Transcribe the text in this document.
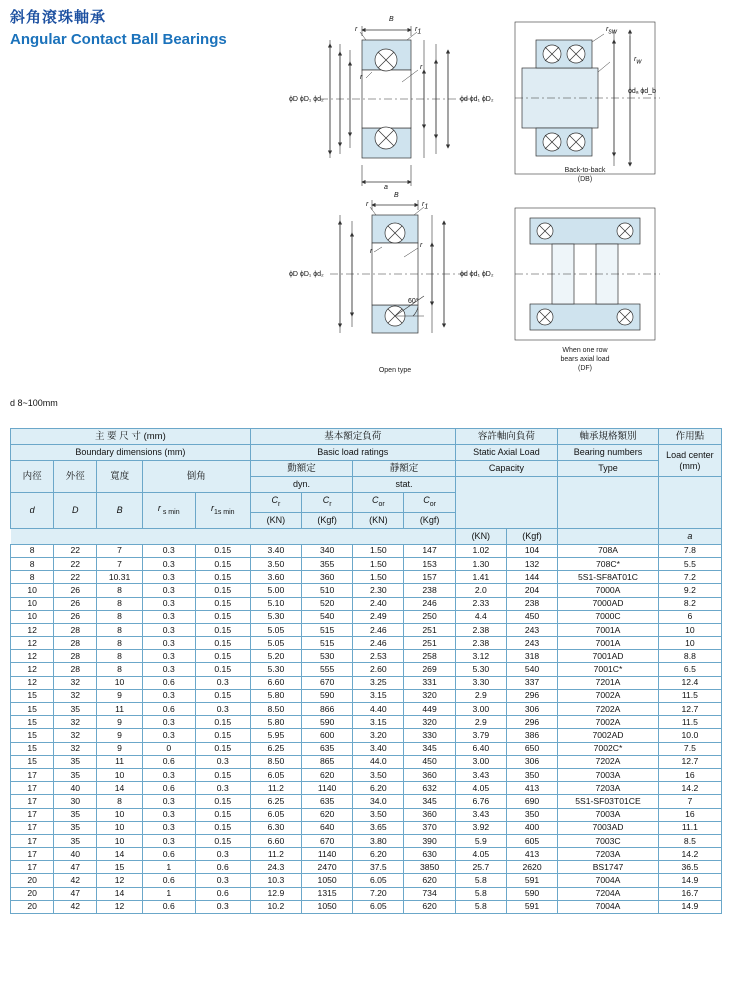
斜角滾珠軸承
Angular Contact Ball Bearings
B
r	r1
r
r
a
ϕD ϕD₁ ϕd₂	ϕd ϕd₁ ϕD₂
rsw
rw
ϕdₐ ϕd_b
B
r	r1
r
r
ϕD ϕD₁ ϕd₂	ϕd ϕd₁ ϕD₂
60°
Back-to-back
(DB)
Open type
When one row
bears axial load
(DF)
d 8~100mm
主 要 尺 寸 (mm)					基本額定負荷				容許軸向負荷		軸承規格類別	作用點
Boundary dimensions (mm)					Basic load ratings				Static Axial Load		Bearing numbers	Load center (mm)
内徑	外徑	寬度	倒角		動額定		靜額定		Capacity		Type	
					dyn.		stat.					
d	D	B	r $_{s min}$	$r_{1s min}$	$C_r$	$C_r$	$C_{or}$	$C_{or}$
					(KN)	(Kgf)	(KN)	(Kgf)				
									(KN)	(Kgf)		a
8	22	7	0.3	0.15	3.40	340	1.50	147	1.02	104	708A	7.8
8	22	7	0.3	0.15	3.50	355	1.50	153	1.30	132	708C*	5.5
8	22	10.31	0.3	0.15	3.60	360	1.50	157	1.41	144	5S1-SF8AT01C	7.2
10	26	8	0.3	0.15	5.00	510	2.30	238	2.0	204	7000A	9.2
10	26	8	0.3	0.15	5.10	520	2.40	246	2.33	238	7000AD	8.2
10	26	8	0.3	0.15	5.30	540	2.49	250	4.4	450	7000C	6
12	28	8	0.3	0.15	5.05	515	2.46	251	2.38	243	7001A	10
12	28	8	0.3	0.15	5.05	515	2.46	251	2.38	243	7001A	10
12	28	8	0.3	0.15	5.20	530	2.53	258	3.12	318	7001AD	8.8
12	28	8	0.3	0.15	5.30	555	2.60	269	5.30	540	7001C*	6.5
12	32	10	0.6	0.3	6.60	670	3.25	331	3.30	337	7201A	12.4
15	32	9	0.3	0.15	5.80	590	3.15	320	2.9	296	7002A	11.5
15	35	11	0.6	0.3	8.50	866	4.40	449	3.00	306	7202A	12.7
15	32	9	0.3	0.15	5.80	590	3.15	320	2.9	296	7002A	11.5
15	32	9	0.3	0.15	5.95	600	3.20	330	3.79	386	7002AD	10.0
15	32	9	0	0.15	6.25	635	3.40	345	6.40	650	7002C*	7.5
15	35	11	0.6	0.3	8.50	865	44.0	450	3.00	306	7202A	12.7
17	35	10	0.3	0.15	6.05	620	3.50	360	3.43	350	7003A	16
17	40	14	0.6	0.3	11.2	1140	6.20	632	4.05	413	7203A	14.2
17	30	8	0.3	0.15	6.25	635	34.0	345	6.76	690	5S1-SF03T01CE	7
17	35	10	0.3	0.15	6.05	620	3.50	360	3.43	350	7003A	16
17	35	10	0.3	0.15	6.30	640	3.65	370	3.92	400	7003AD	11.1
17	35	10	0.3	0.15	6.60	670	3.80	390	5.9	605	7003C	8.5
17	40	14	0.6	0.3	11.2	1140	6.20	630	4.05	413	7203A	14.2
17	47	15	1	0.6	24.3	2470	37.5	3850	25.7	2620	BS1747	36.5
20	42	12	0.6	0.3	10.3	1050	6.05	620	5.8	591	7004A	14.9
20	47	14	1	0.6	12.9	1315	7.20	734	5.8	590	7204A	16.7
20	42	12	0.6	0.3	10.2	1050	6.05	620	5.8	591	7004A	14.9
